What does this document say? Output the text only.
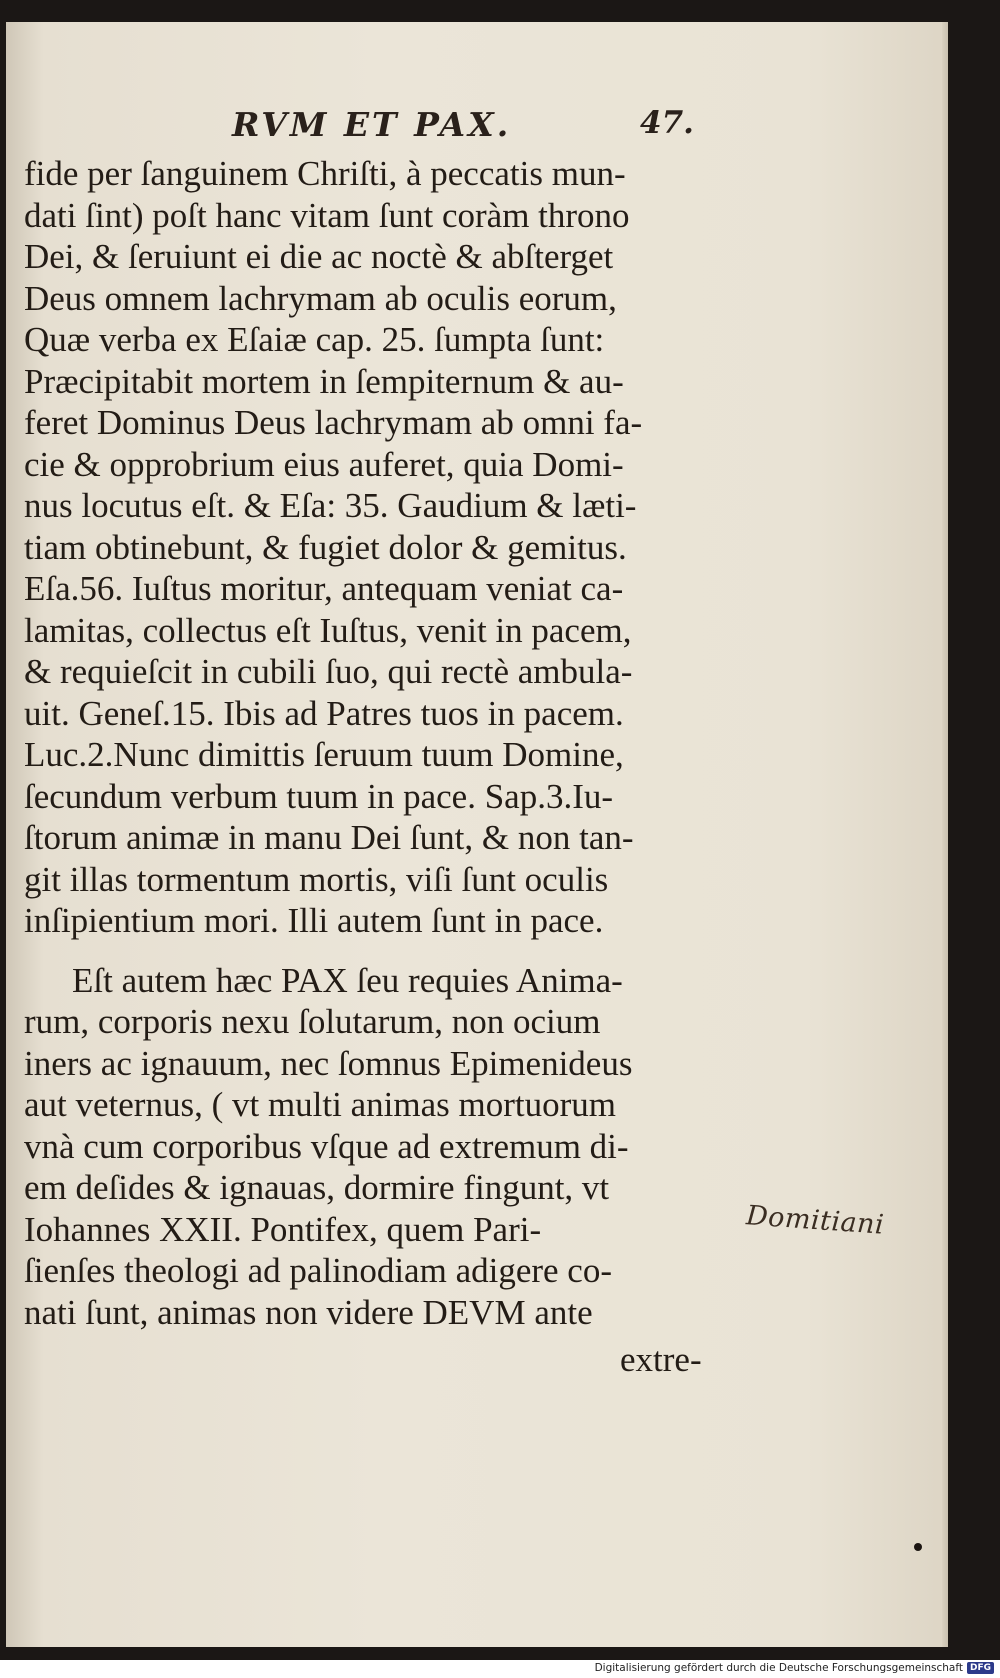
RVM ET PAX.	47.
fide per ſanguinem Chriſti, à peccatis mun-
dati ſint) poſt hanc vitam ſunt coràm throno
Dei, & ſeruiunt ei die ac noctè & abſterget
Deus omnem lachrymam ab oculis eorum,
Quæ verba ex Eſaiæ cap. 25. ſumpta ſunt:
Præcipitabit mortem in ſempiternum & au-
feret Dominus Deus lachrymam ab omni fa-
cie & opprobrium eius auferet, quia Domi-
nus locutus eſt. & Eſa: 35. Gaudium & læti-
tiam obtinebunt, & fugiet dolor & gemitus.
Eſa.56. Iuſtus moritur, antequam veniat ca-
lamitas, collectus eſt Iuſtus, venit in pacem,
& requieſcit in cubili ſuo, qui rectè ambula-
uit. Geneſ.15. Ibis ad Patres tuos in pacem.
Luc.2.Nunc dimittis ſeruum tuum Domine,
ſecundum verbum tuum in pace. Sap.3.Iu-
ſtorum animæ in manu Dei ſunt, & non tan-
git illas tormentum mortis, viſi ſunt oculis
inſipientium mori. Illi autem ſunt in pace.
Eſt autem hæc PAX ſeu requies Anima-
rum, corporis nexu ſolutarum, non ocium
iners ac ignauum, nec ſomnus Epimenideus
aut veternus, ( vt multi animas mortuorum
vnà cum corporibus vſque ad extremum di-
em deſides & ignauas, dormire fingunt, vt
Iohannes XXII. Pontifex, quem Pari-
ſienſes theologi ad palinodiam adigere co-
nati ſunt, animas non videre DEVM ante
extre-
Domitiani
Digitalisierung gefördert durch die Deutsche Forschungsgemeinschaft DFG
